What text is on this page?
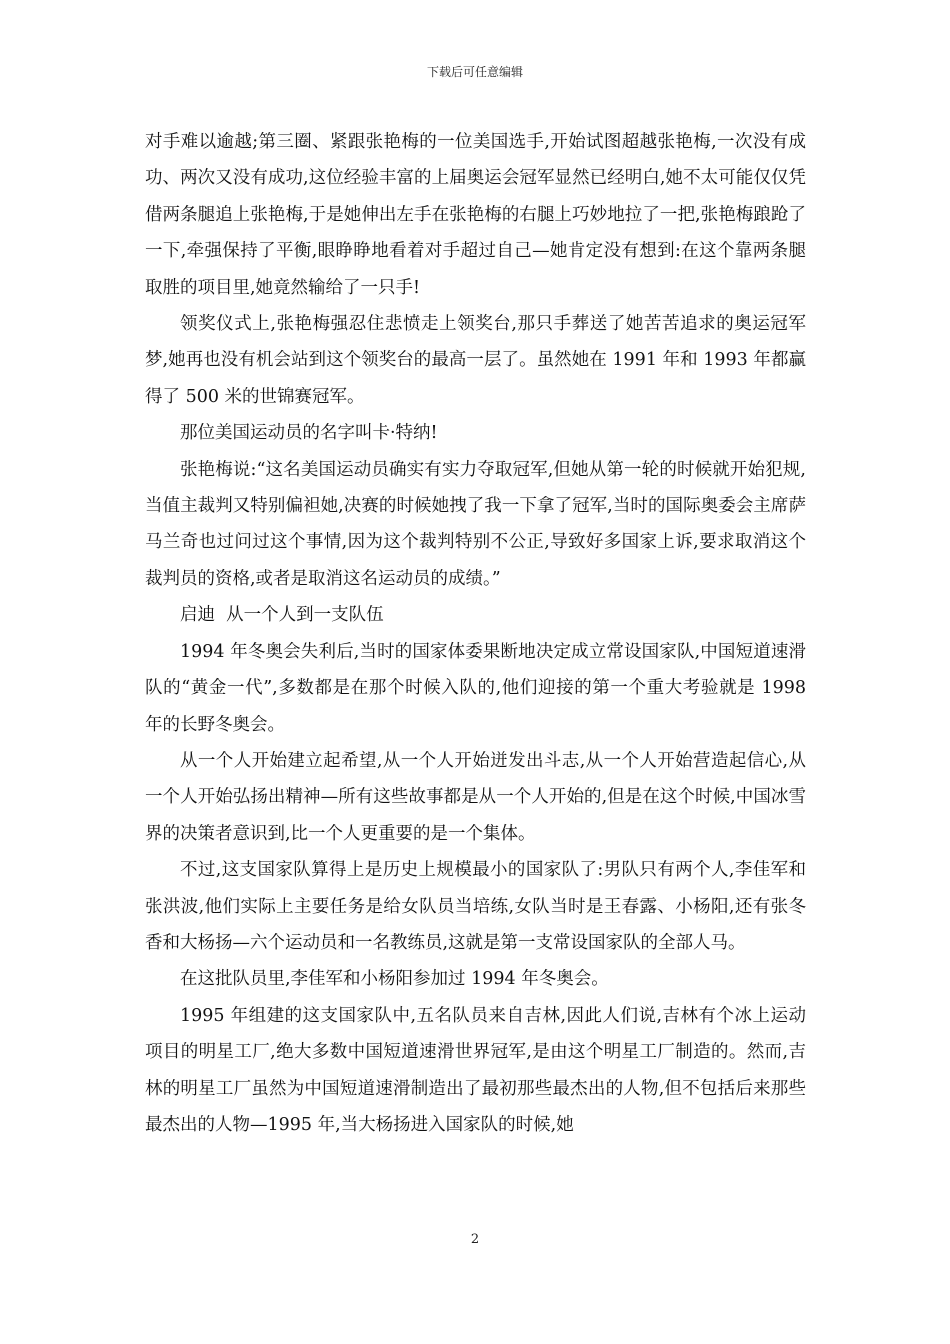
下载后可任意编辑

对手难以逾越;第三圈、紧跟张艳梅的一位美国选手,开始试图超越张艳梅,一次没有成功、两次又没有成功,这位经验丰富的上届奥运会冠军显然已经明白,她不太可能仅仅凭借两条腿追上张艳梅,于是她伸出左手在张艳梅的右腿上巧妙地拉了一把,张艳梅踉跄了一下,牵强保持了平衡,眼睁睁地看着对手超过自己—她肯定没有想到:在这个靠两条腿取胜的项目里,她竟然输给了一只手!

领奖仪式上,张艳梅强忍住悲愤走上领奖台,那只手葬送了她苦苦追求的奥运冠军梦,她再也没有机会站到这个领奖台的最高一层了。虽然她在 1991 年和 1993 年都赢得了 500 米的世锦赛冠军。

那位美国运动员的名字叫卡·特纳!

张艳梅说:“这名美国运动员确实有实力夺取冠军,但她从第一轮的时候就开始犯规,当值主裁判又特别偏袒她,决赛的时候她拽了我一下拿了冠军,当时的国际奥委会主席萨马兰奇也过问过这个事情,因为这个裁判特别不公正,导致好多国家上诉,要求取消这个裁判员的资格,或者是取消这名运动员的成绩。”

启迪  从一个人到一支队伍

1994 年冬奥会失利后,当时的国家体委果断地决定成立常设国家队,中国短道速滑队的“黄金一代”,多数都是在那个时候入队的,他们迎接的第一个重大考验就是 1998 年的长野冬奥会。

从一个人开始建立起希望,从一个人开始迸发出斗志,从一个人开始营造起信心,从一个人开始弘扬出精神—所有这些故事都是从一个人开始的,但是在这个时候,中国冰雪界的决策者意识到,比一个人更重要的是一个集体。

不过,这支国家队算得上是历史上规模最小的国家队了:男队只有两个人,李佳军和张洪波,他们实际上主要任务是给女队员当培练,女队当时是王春露、小杨阳,还有张冬香和大杨扬—六个运动员和一名教练员,这就是第一支常设国家队的全部人马。

在这批队员里,李佳军和小杨阳参加过 1994 年冬奥会。

1995 年组建的这支国家队中,五名队员来自吉林,因此人们说,吉林有个冰上运动项目的明星工厂,绝大多数中国短道速滑世界冠军,是由这个明星工厂制造的。然而,吉林的明星工厂虽然为中国短道速滑制造出了最初那些最杰出的人物,但不包括后来那些最杰出的人物—1995 年,当大杨扬进入国家队的时候,她

2
